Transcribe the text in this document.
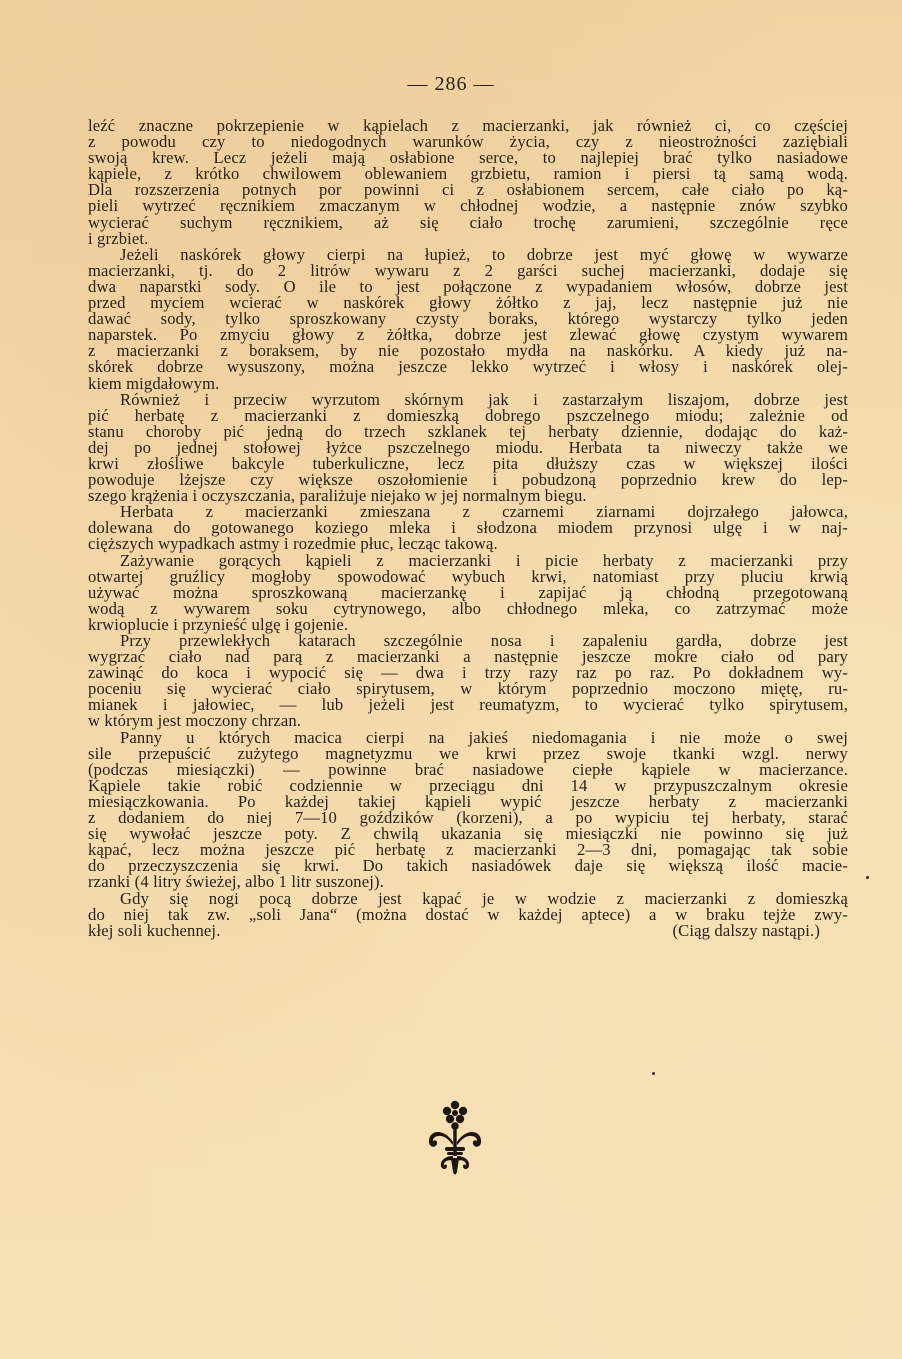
— 286 —
leźć znaczne pokrzepienie w kąpielach z macierzanki, jak również ci, co częściej
z powodu czy to niedogodnych warunków życia, czy z nieostrożności zaziębiali
swoją krew. Lecz jeżeli mają osłabione serce, to najlepiej brać tylko nasiadowe
kąpiele, z krótko chwilowem oblewaniem grzbietu, ramion i piersi tą samą wodą.
Dla rozszerzenia potnych por powinni ci z osłabionem sercem, całe ciało po ką-
pieli wytrzeć ręcznikiem zmaczanym w chłodnej wodzie, a następnie znów szybko
wycierać suchym ręcznikiem, aż się ciało trochę zarumieni, szczególnie ręce
i grzbiet.
Jeżeli naskórek głowy cierpi na łupież, to dobrze jest myć głowę w wywarze
macierzanki, tj. do 2 litrów wywaru z 2 garści suchej macierzanki, dodaje się
dwa naparstki sody. O ile to jest połączone z wypadaniem włosów, dobrze jest
przed myciem wcierać w naskórek głowy żółtko z jaj, lecz następnie już nie
dawać sody, tylko sproszkowany czysty boraks, którego wystarczy tylko jeden
naparstek. Po zmyciu głowy z żółtka, dobrze jest zlewać głowę czystym wywarem
z macierzanki z boraksem, by nie pozostało mydła na naskórku. A kiedy już na-
skórek dobrze wysuszony, można jeszcze lekko wytrzeć i włosy i naskórek olej-
kiem migdałowym.
Również i przeciw wyrzutom skórnym jak i zastarzałym liszajom, dobrze jest
pić herbatę z macierzanki z domieszką dobrego pszczelnego miodu; zależnie od
stanu choroby pić jedną do trzech szklanek tej herbaty dziennie, dodając do każ-
dej po jednej stołowej łyżce pszczelnego miodu. Herbata ta niweczy także we
krwi złośliwe bakcyle tuberkuliczne, lecz pita dłuższy czas w większej ilości
powoduje lżejsze czy większe oszołomienie i pobudzoną poprzednio krew do lep-
szego krążenia i oczyszczania, paraliżuje niejako w jej normalnym biegu.
Herbata z macierzanki zmieszana z czarnemi ziarnami dojrzałego jałowca,
dolewana do gotowanego koziego mleka i słodzona miodem przynosi ulgę i w naj-
cięższych wypadkach astmy i rozedmie płuc, lecząc takową.
Zażywanie gorących kąpieli z macierzanki i picie herbaty z macierzanki przy
otwartej gruźlicy mogłoby spowodować wybuch krwi, natomiast przy pluciu krwią
używać można sproszkowaną macierzankę i zapijać ją chłodną przegotowaną
wodą z wywarem soku cytrynowego, albo chłodnego mleka, co zatrzymać może
krwioplucie i przynieść ulgę i gojenie.
Przy przewlekłych katarach szczególnie nosa i zapaleniu gardła, dobrze jest
wygrzać ciało nad parą z macierzanki a następnie jeszcze mokre ciało od pary
zawinąć do koca i wypocić się — dwa i trzy razy raz po raz. Po dokładnem wy-
poceniu się wycierać ciało spirytusem, w którym poprzednio moczono miętę, ru-
mianek i jałowiec, — lub jeżeli jest reumatyzm, to wycierać tylko spirytusem,
w którym jest moczony chrzan.
Panny u których macica cierpi na jakieś niedomagania i nie może o swej
sile przepuścić zużytego magnetyzmu we krwi przez swoje tkanki wzgl. nerwy
(podczas miesiączki) — powinne brać nasiadowe ciepłe kąpiele w macierzance.
Kąpiele takie robić codziennie w przeciągu dni 14 w przypuszczalnym okresie
miesiączkowania. Po każdej takiej kąpieli wypić jeszcze herbaty z macierzanki
z dodaniem do niej 7—10 goździków (korzeni), a po wypiciu tej herbaty, starać
się wywołać jeszcze poty. Z chwilą ukazania się miesiączki nie powinno się już
kąpać, lecz można jeszcze pić herbatę z macierzanki 2—3 dni, pomagając tak sobie
do przeczyszczenia się krwi. Do takich nasiadówek daje się większą ilość macie-
rzanki (4 litry świeżej, albo 1 litr suszonej).
Gdy się nogi pocą dobrze jest kąpać je w wodzie z macierzanki z domieszką
do niej tak zw. „soli Jana“ (można dostać w każdej aptece) a w braku tejże zwy-
kłej soli kuchennej.	(Ciąg dalszy nastąpi.)
